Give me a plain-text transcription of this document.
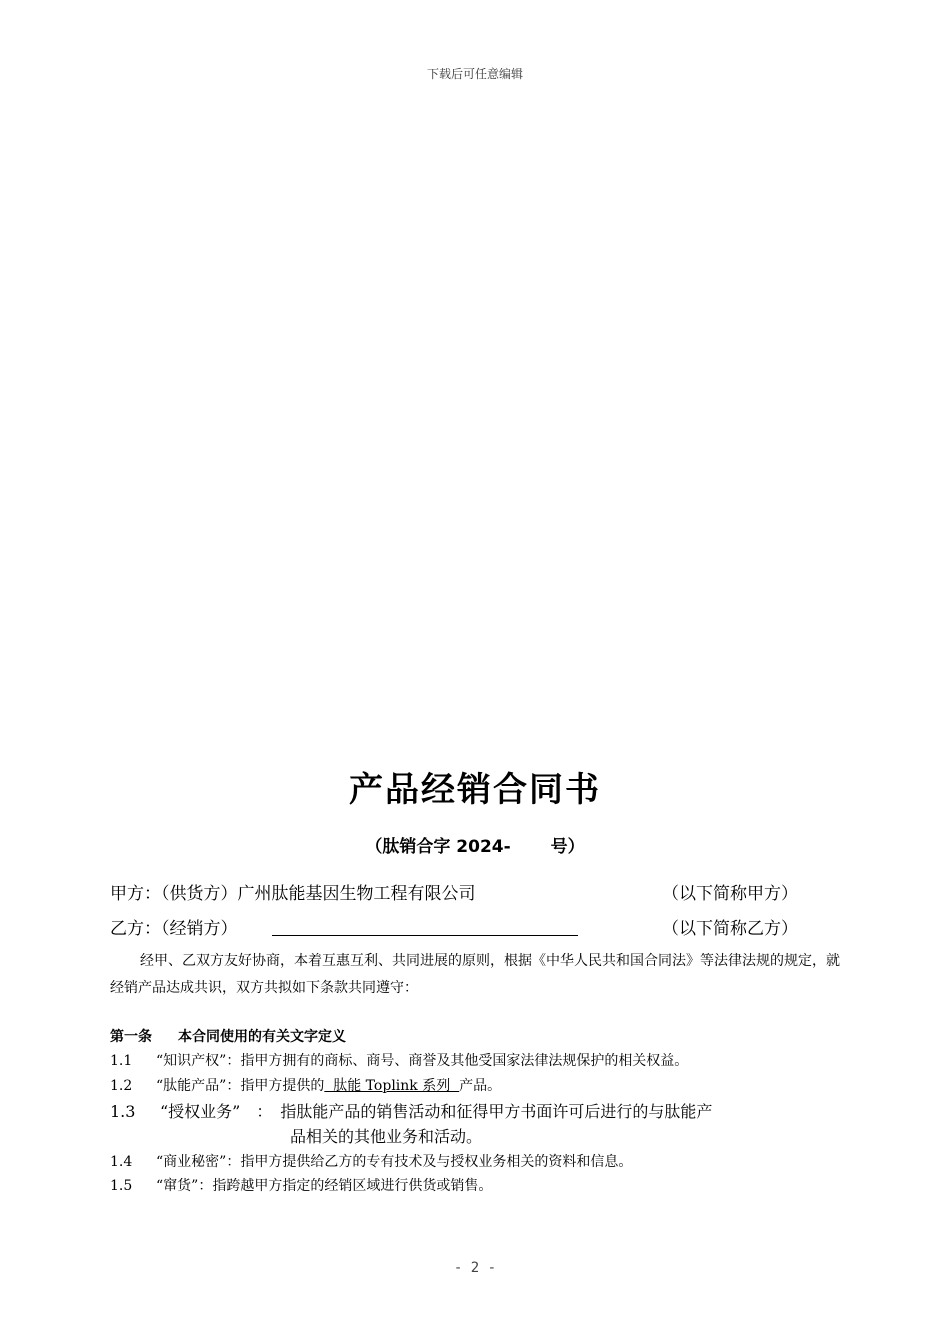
下载后可任意编辑
产品经销合同书
（肽销合字 2024-　　 号）
甲方：（供货方）广州肽能基因生物工程有限公司	（以下简称甲方）
乙方：（经销方）	（以下简称乙方）
经甲、乙双方友好协商，本着互惠互利、共同进展的原则，根据《中华人民共和国合同法》等法律法规的规定，就经销产品达成共识，双方共拟如下条款共同遵守：
第一条 本合同使用的有关文字定义
1.1 “知识产权”：指甲方拥有的商标、商号、商誉及其他受国家法律法规保护的相关权益。
1.2 “肽能产品”：指甲方提供的  肽能 Toplink 系列  产品。
1.3 “授权业务”　：　指肽能产品的销售活动和征得甲方书面许可后进行的与肽能产
品相关的其他业务和活动。
1.4 “商业秘密”：指甲方提供给乙方的专有技术及与授权业务相关的资料和信息。
1.5 “窜货”：指跨越甲方指定的经销区域进行供货或销售。
- 2 -
